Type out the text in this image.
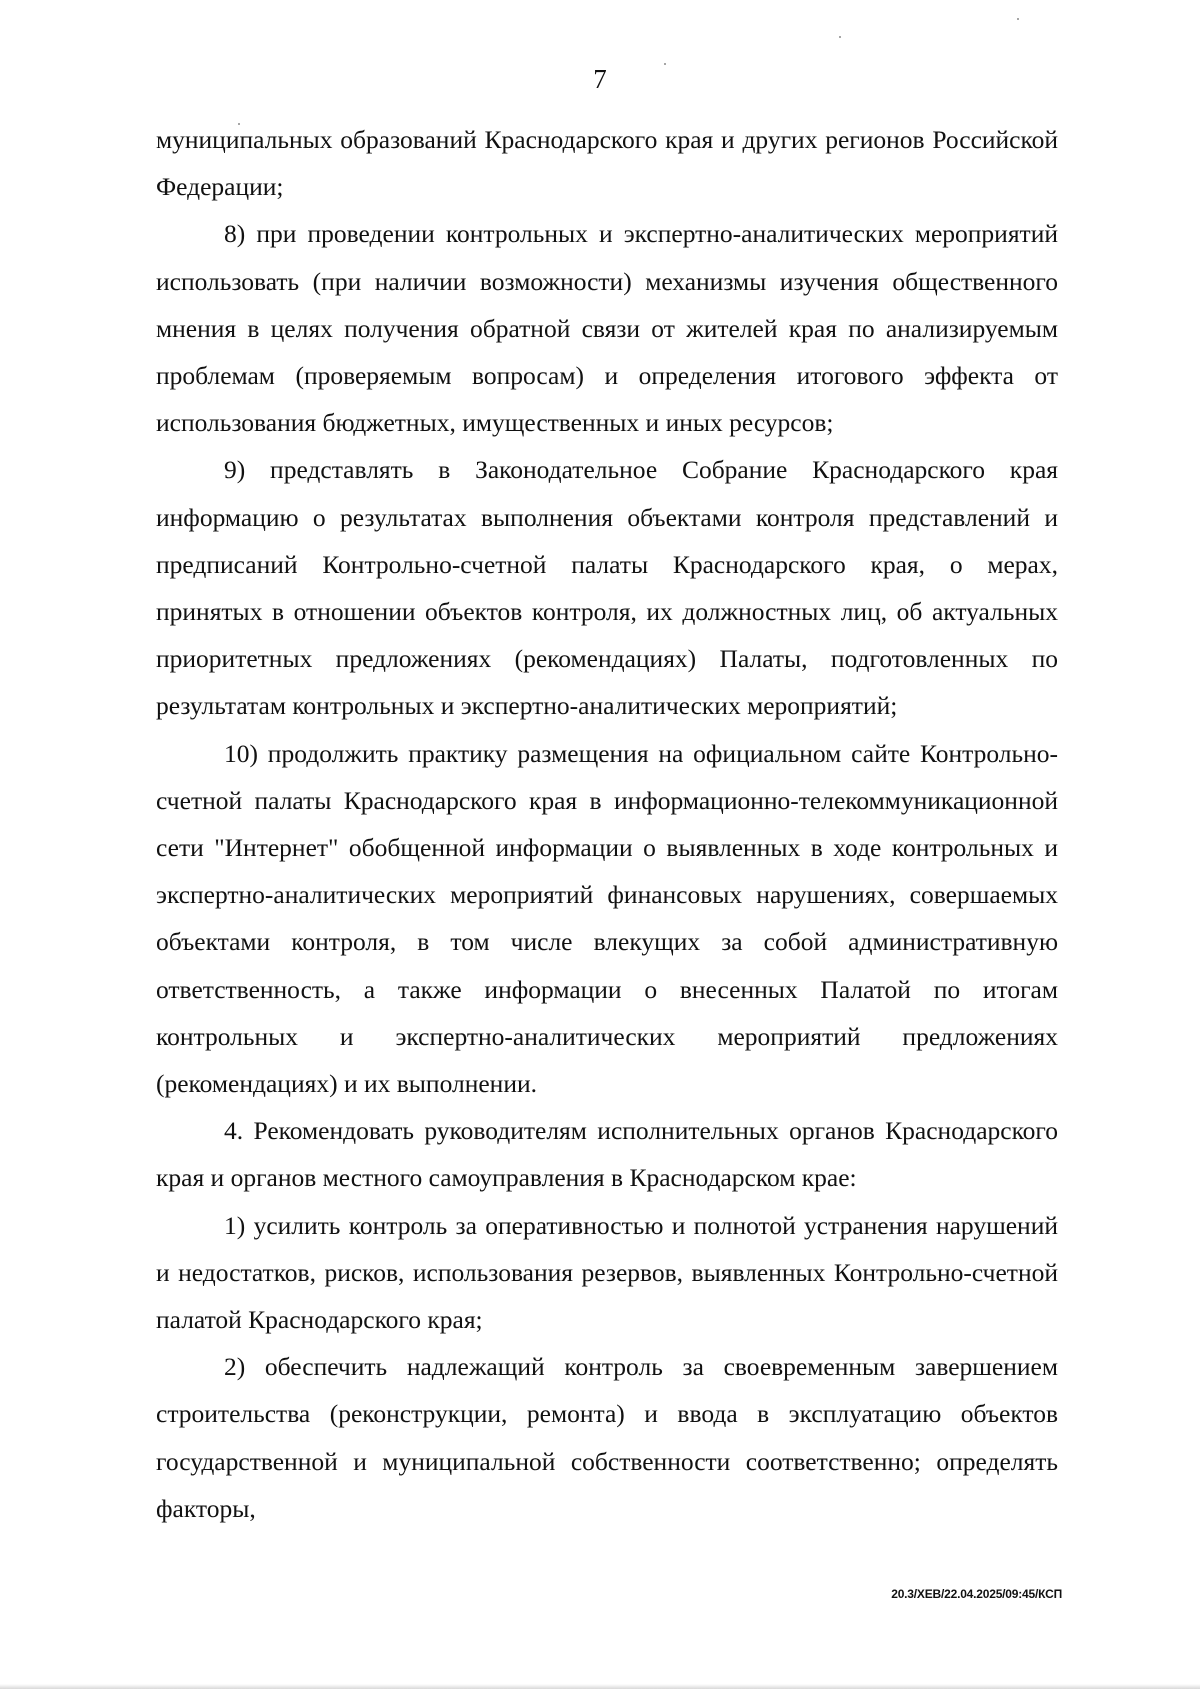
7

муниципальных образований Краснодарского края и других регионов Российской Федерации;

8) при проведении контрольных и экспертно-аналитических мероприятий использовать (при наличии возможности) механизмы изучения общественного мнения в целях получения обратной связи от жителей края по анализируемым проблемам (проверяемым вопросам) и определения итогового эффекта от использования бюджетных, имущественных и иных ресурсов;

9) представлять в Законодательное Собрание Краснодарского края информацию о результатах выполнения объектами контроля представлений и предписаний Контрольно-счетной палаты Краснодарского края, о мерах, принятых в отношении объектов контроля, их должностных лиц, об актуальных приоритетных предложениях (рекомендациях) Палаты, подготовленных по результатам контрольных и экспертно-аналитических мероприятий;

10) продолжить практику размещения на официальном сайте Контрольно-счетной палаты Краснодарского края в информационно-телекоммуникационной сети "Интернет" обобщенной информации о выявленных в ходе контрольных и экспертно-аналитических мероприятий финансовых нарушениях, совершаемых объектами контроля, в том числе влекущих за собой административную ответственность, а также информации о внесенных Палатой по итогам контрольных и экспертно-аналитических мероприятий предложениях (рекомендациях) и их выполнении.

4. Рекомендовать руководителям исполнительных органов Краснодарского края и органов местного самоуправления в Краснодарском крае:

1) усилить контроль за оперативностью и полнотой устранения нарушений и недостатков, рисков, использования резервов, выявленных Контрольно-счетной палатой Краснодарского края;

2) обеспечить надлежащий контроль за своевременным завершением строительства (реконструкции, ремонта) и ввода в эксплуатацию объектов государственной и муниципальной собственности соответственно; определять факторы,

20.3/ХЕВ/22.04.2025/09:45/КСП
